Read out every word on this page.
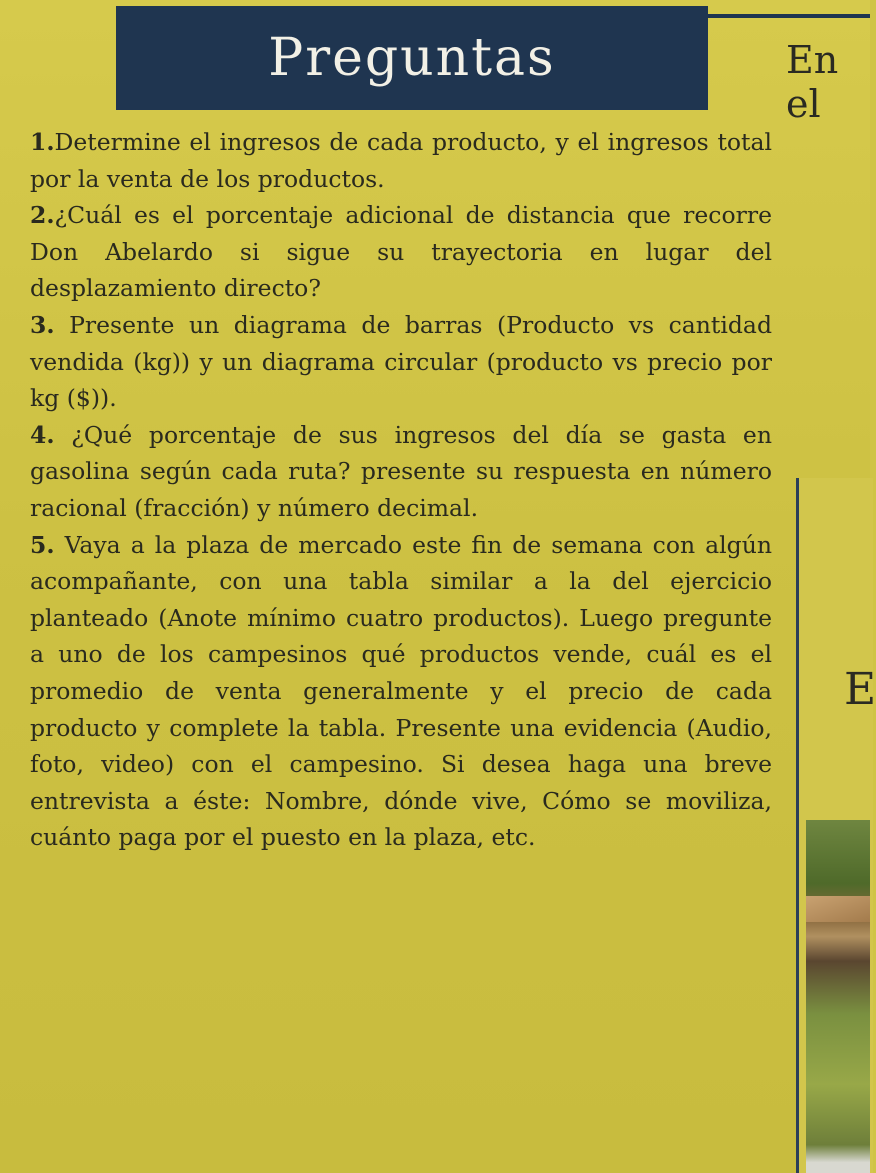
Preguntas	En el
E

1.Determine el ingresos de cada producto, y el ingresos total por la venta de los productos.

2.¿Cuál es el porcentaje adicional de distancia que recorre Don Abelardo si sigue su trayectoria en lugar del desplazamiento directo?

3. Presente un diagrama de barras (Producto vs cantidad vendida (kg)) y un diagrama circular (producto vs precio por kg ($)).

4. ¿Qué porcentaje de sus ingresos del día se gasta en gasolina según cada ruta? presente su respuesta en número racional (fracción) y número decimal.

5. Vaya a la plaza de mercado este fin de semana con algún acompañante, con una tabla similar a la del ejercicio planteado (Anote mínimo cuatro productos). Luego pregunte a uno de los campesinos qué productos vende, cuál es el promedio de venta generalmente y el precio de cada producto y complete la tabla. Presente una evidencia (Audio, foto, video) con el campesino. Si desea haga una breve entrevista a éste: Nombre, dónde vive, Cómo se moviliza, cuánto paga por el puesto en la plaza, etc.
